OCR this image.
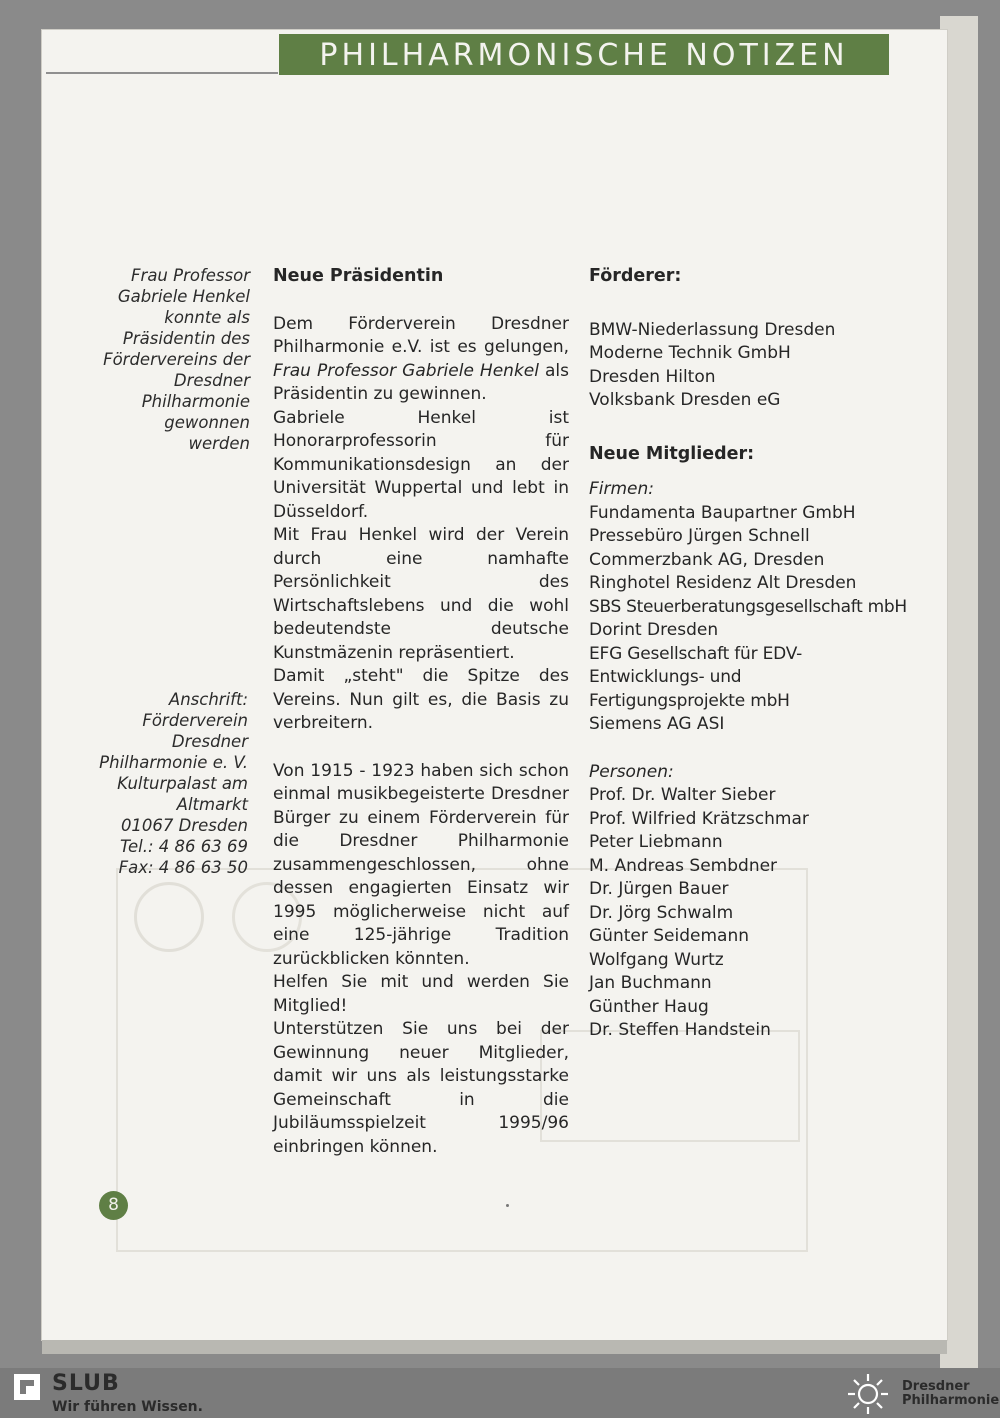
PHILHARMONISCHE NOTIZEN
Frau Professor
Gabriele Henkel
konnte als
Präsidentin des
Fördervereins der
Dresdner
Philharmonie
gewonnen
werden
Anschrift:
Förderverein
Dresdner
Philharmonie e. V.
Kulturpalast am
Altmarkt
01067 Dresden
Tel.: 4 86 63 69
Fax: 4 86 63 50

Neue Präsidentin

Dem Förderverein Dresdner Philharmonie e.V. ist es gelungen, Frau Professor Gabriele Henkel als Präsidentin zu gewinnen.

Gabriele Henkel ist Honorarprofessorin für Kommunikationsdesign an der Universität Wuppertal und lebt in Düsseldorf.

Mit Frau Henkel wird der Verein durch eine namhafte Persönlichkeit des Wirtschaftslebens und die wohl bedeutendste deutsche Kunstmäzenin repräsentiert.

Damit „steht" die Spitze des Vereins. Nun gilt es, die Basis zu verbreitern.

Von 1915 - 1923 haben sich schon einmal musikbegeisterte Dresdner Bürger zu einem Förderverein für die Dresdner Philharmonie zusammengeschlossen, ohne dessen engagierten Einsatz wir 1995 möglicherweise nicht auf eine 125-jährige Tradition zurückblicken könnten.

Helfen Sie mit und werden Sie Mitglied!

Unterstützen Sie uns bei der Gewinnung neuer Mitglieder, damit wir uns als leistungsstarke Gemeinschaft in die Jubiläumsspielzeit 1995/96 einbringen können.

Förderer:

BMW-Niederlassung Dresden
Moderne Technik GmbH
Dresden Hilton
Volksbank Dresden eG

Neue Mitglieder:

Firmen:
Fundamenta Baupartner GmbH
Pressebüro Jürgen Schnell
Commerzbank AG, Dresden
Ringhotel Residenz Alt Dresden
SBS Steuerberatungsgesellschaft mbH
Dorint Dresden
EFG Gesellschaft für EDV-Entwicklungs- und Fertigungsprojekte mbH
Siemens AG ASI
Personen:
Prof. Dr. Walter Sieber
Prof. Wilfried Krätzschmar
Peter Liebmann
M. Andreas Sembdner
Dr. Jürgen Bauer
Dr. Jörg Schwalm
Günter Seidemann
Wolfgang Wurtz
Jan Buchmann
Günther Haug
Dr. Steffen Handstein
8
SLUB
Wir führen Wissen.
Dresdner
Philharmonie
